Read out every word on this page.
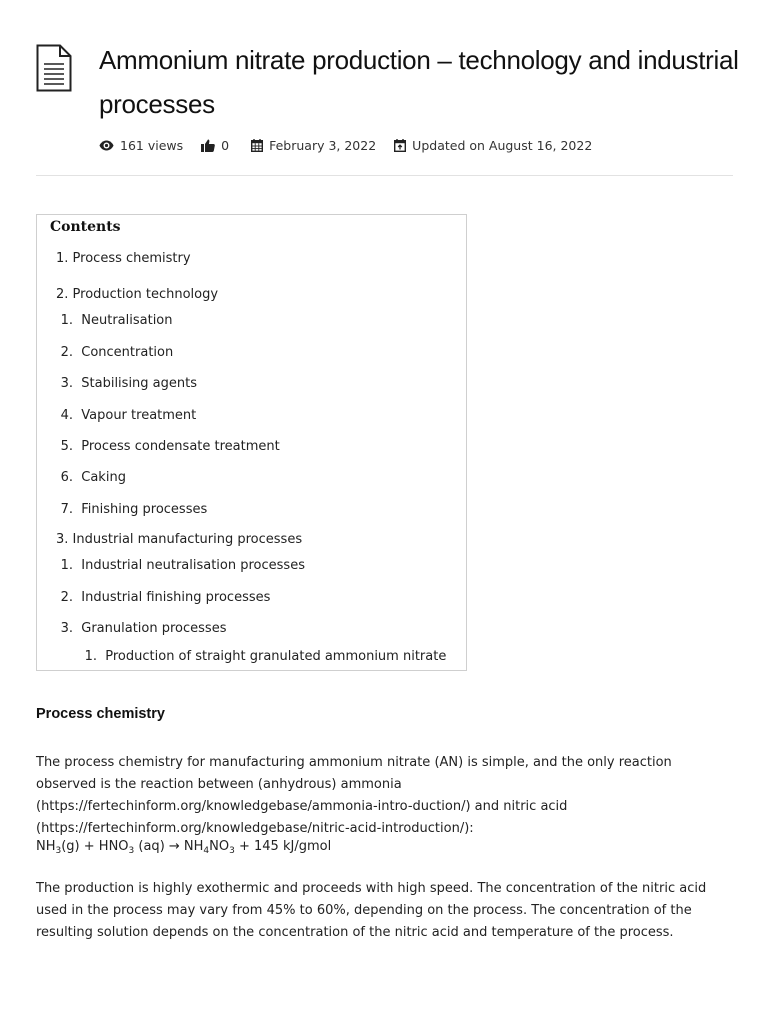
Ammonium nitrate production – technology and industrial processes
161 views	0	February 3, 2022	Updated on August 16, 2022
Contents
1. Process chemistry
2. Production technology
1. Neutralisation
2. Concentration
3. Stabilising agents
4. Vapour treatment
5. Process condensate treatment
6. Caking
7. Finishing processes
3. Industrial manufacturing processes
1. Industrial neutralisation processes
2. Industrial finishing processes
3. Granulation processes
1. Production of straight granulated ammonium nitrate
Process chemistry

The process chemistry for manufacturing ammonium nitrate (AN) is simple, and the only reaction observed is the reaction between (anhydrous) ammonia (https://fertechinform.org/knowledgebase/ammonia-intro-duction/) and nitric acid (https://fertechinform.org/knowledgebase/nitric-acid-introduction/):

$NH_3(g) + HNO_3$ $(aq) \to NH_4NO_3 + 145$ kJ/gmol

The production is highly exothermic and proceeds with high speed. The concentration of the nitric acid used in the process may vary from 45% to 60%, depending on the process. The concentration of the resulting solution depends on the concentration of the nitric acid and temperature of the process.
